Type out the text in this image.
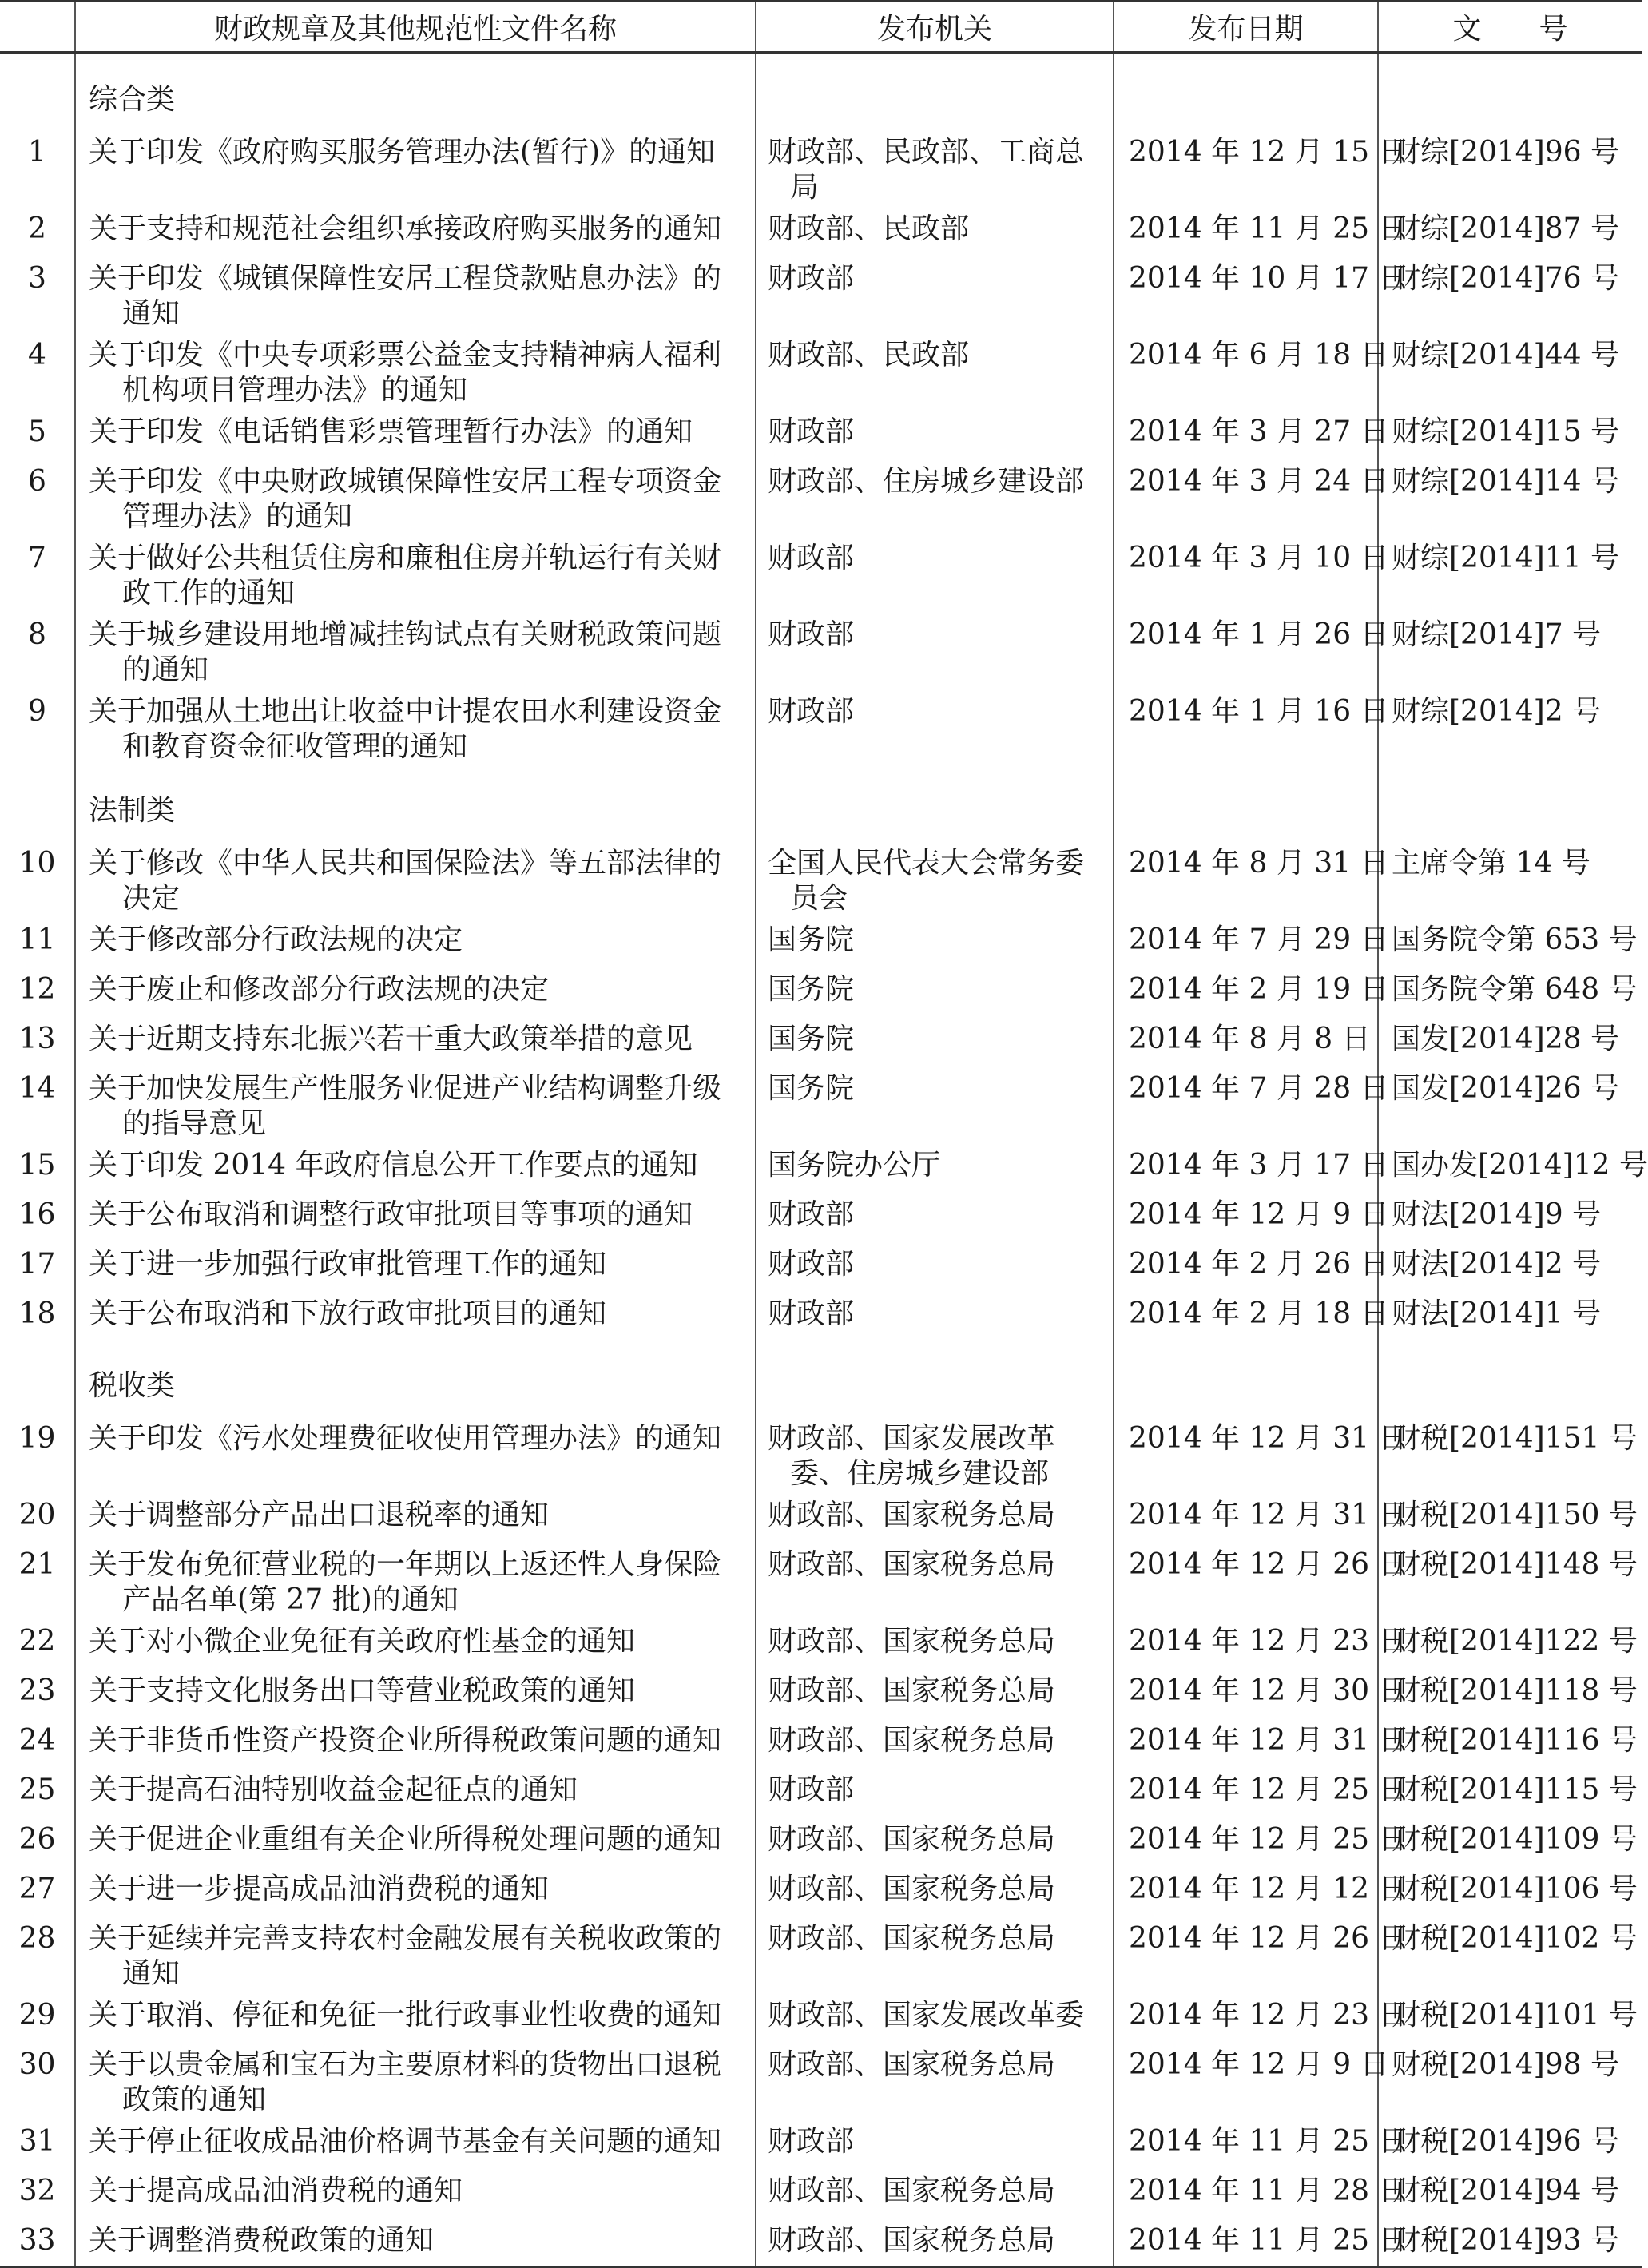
	财政规章及其他规范性文件名称	发布机关	发布日期	文　　号
	综合类			
1	关于印发《政府购买服务管理办法(暂行)》的通知	财政部、民政部、工商总局	2014 年 12 月 15 日	财综[2014]96 号
2	关于支持和规范社会组织承接政府购买服务的通知	财政部、民政部	2014 年 11 月 25 日	财综[2014]87 号
3	关于印发《城镇保障性安居工程贷款贴息办法》的通知	财政部	2014 年 10 月 17 日	财综[2014]76 号
4	关于印发《中央专项彩票公益金支持精神病人福利机构项目管理办法》的通知	财政部、民政部	2014 年 6 月 18 日	财综[2014]44 号
5	关于印发《电话销售彩票管理暂行办法》的通知	财政部	2014 年 3 月 27 日	财综[2014]15 号
6	关于印发《中央财政城镇保障性安居工程专项资金管理办法》的通知	财政部、住房城乡建设部	2014 年 3 月 24 日	财综[2014]14 号
7	关于做好公共租赁住房和廉租住房并轨运行有关财政工作的通知	财政部	2014 年 3 月 10 日	财综[2014]11 号
8	关于城乡建设用地增减挂钩试点有关财税政策问题的通知	财政部	2014 年 1 月 26 日	财综[2014]7 号
9	关于加强从土地出让收益中计提农田水利建设资金和教育资金征收管理的通知	财政部	2014 年 1 月 16 日	财综[2014]2 号
	法制类			
10	关于修改《中华人民共和国保险法》等五部法律的决定	全国人民代表大会常务委员会	2014 年 8 月 31 日	主席令第 14 号
11	关于修改部分行政法规的决定	国务院	2014 年 7 月 29 日	国务院令第 653 号
12	关于废止和修改部分行政法规的决定	国务院	2014 年 2 月 19 日	国务院令第 648 号
13	关于近期支持东北振兴若干重大政策举措的意见	国务院	2014 年 8 月 8 日	国发[2014]28 号
14	关于加快发展生产性服务业促进产业结构调整升级的指导意见	国务院	2014 年 7 月 28 日	国发[2014]26 号
15	关于印发 2014 年政府信息公开工作要点的通知	国务院办公厅	2014 年 3 月 17 日	国办发[2014]12 号
16	关于公布取消和调整行政审批项目等事项的通知	财政部	2014 年 12 月 9 日	财法[2014]9 号
17	关于进一步加强行政审批管理工作的通知	财政部	2014 年 2 月 26 日	财法[2014]2 号
18	关于公布取消和下放行政审批项目的通知	财政部	2014 年 2 月 18 日	财法[2014]1 号
	税收类			
19	关于印发《污水处理费征收使用管理办法》的通知	财政部、国家发展改革委、住房城乡建设部	2014 年 12 月 31 日	财税[2014]151 号
20	关于调整部分产品出口退税率的通知	财政部、国家税务总局	2014 年 12 月 31 日	财税[2014]150 号
21	关于发布免征营业税的一年期以上返还性人身保险产品名单(第 27 批)的通知	财政部、国家税务总局	2014 年 12 月 26 日	财税[2014]148 号
22	关于对小微企业免征有关政府性基金的通知	财政部、国家税务总局	2014 年 12 月 23 日	财税[2014]122 号
23	关于支持文化服务出口等营业税政策的通知	财政部、国家税务总局	2014 年 12 月 30 日	财税[2014]118 号
24	关于非货币性资产投资企业所得税政策问题的通知	财政部、国家税务总局	2014 年 12 月 31 日	财税[2014]116 号
25	关于提高石油特别收益金起征点的通知	财政部	2014 年 12 月 25 日	财税[2014]115 号
26	关于促进企业重组有关企业所得税处理问题的通知	财政部、国家税务总局	2014 年 12 月 25 日	财税[2014]109 号
27	关于进一步提高成品油消费税的通知	财政部、国家税务总局	2014 年 12 月 12 日	财税[2014]106 号
28	关于延续并完善支持农村金融发展有关税收政策的通知	财政部、国家税务总局	2014 年 12 月 26 日	财税[2014]102 号
29	关于取消、停征和免征一批行政事业性收费的通知	财政部、国家发展改革委	2014 年 12 月 23 日	财税[2014]101 号
30	关于以贵金属和宝石为主要原材料的货物出口退税政策的通知	财政部、国家税务总局	2014 年 12 月 9 日	财税[2014]98 号
31	关于停止征收成品油价格调节基金有关问题的通知	财政部	2014 年 11 月 25 日	财税[2014]96 号
32	关于提高成品油消费税的通知	财政部、国家税务总局	2014 年 11 月 28 日	财税[2014]94 号
33	关于调整消费税政策的通知	财政部、国家税务总局	2014 年 11 月 25 日	财税[2014]93 号
